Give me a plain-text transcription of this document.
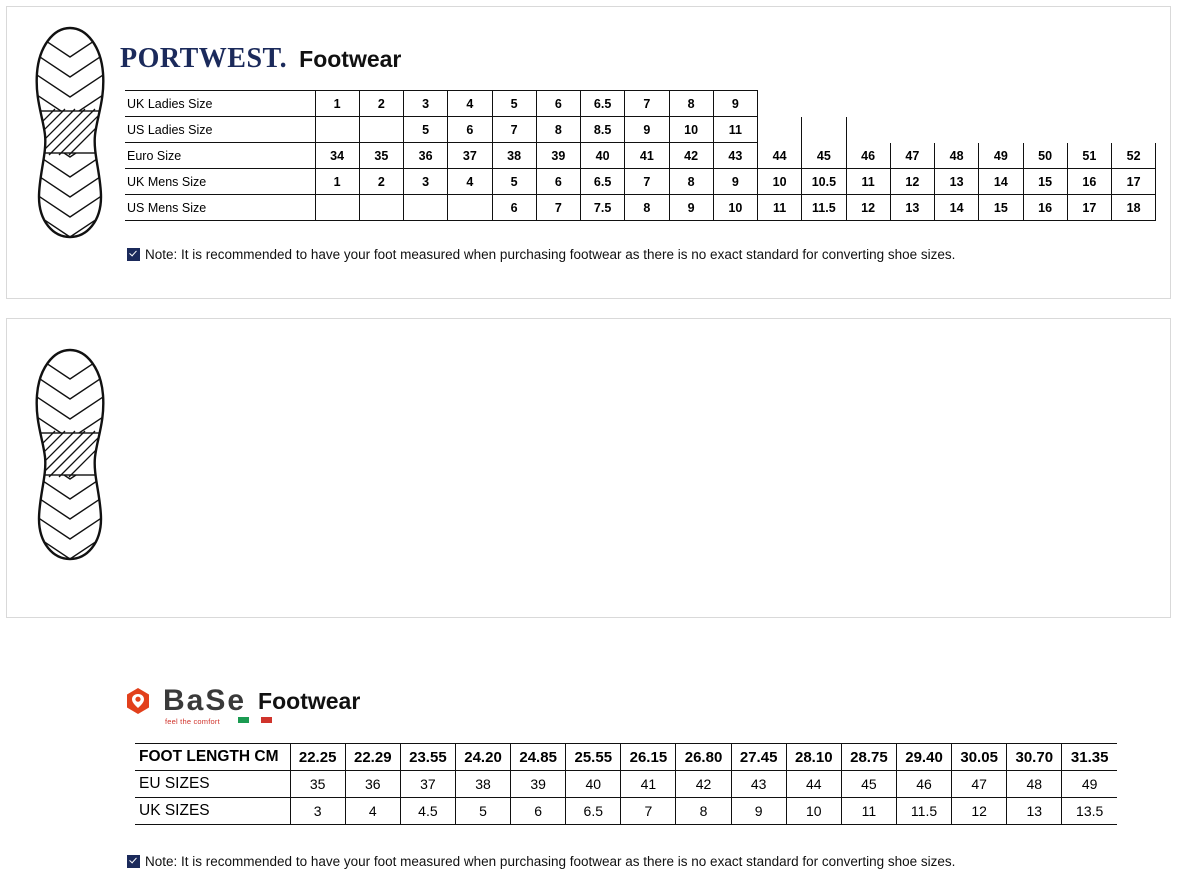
PORTWEST. Footwear
UK Ladies Size	1	2	3	4	5	6	6.5	7	8	9									
US Ladies Size			5	6	7	8	8.5	9	10	11									
Euro Size	34	35	36	37	38	39	40	41	42	43	44	45	46	47	48	49	50	51	52
UK Mens Size	1	2	3	4	5	6	6.5	7	8	9	10	10.5	11	12	13	14	15	16	17
US Mens Size					6	7	7.5	8	9	10	11	11.5	12	13	14	15	16	17	18
Note: It is recommended to have your foot measured when purchasing footwear as there is no exact standard for converting shoe sizes.
BaSe Footwear
feel the comfort
FOOT LENGTH CM	22.25	22.29	23.55	24.20	24.85	25.55	26.15	26.80	27.45	28.10	28.75	29.40	30.05	30.70	31.35
EU SIZES	35	36	37	38	39	40	41	42	43	44	45	46	47	48	49
UK SIZES	3	4	4.5	5	6	6.5	7	8	9	10	11	11.5	12	13	13.5
Note: It is recommended to have your foot measured when purchasing footwear as there is no exact standard for converting shoe sizes.
